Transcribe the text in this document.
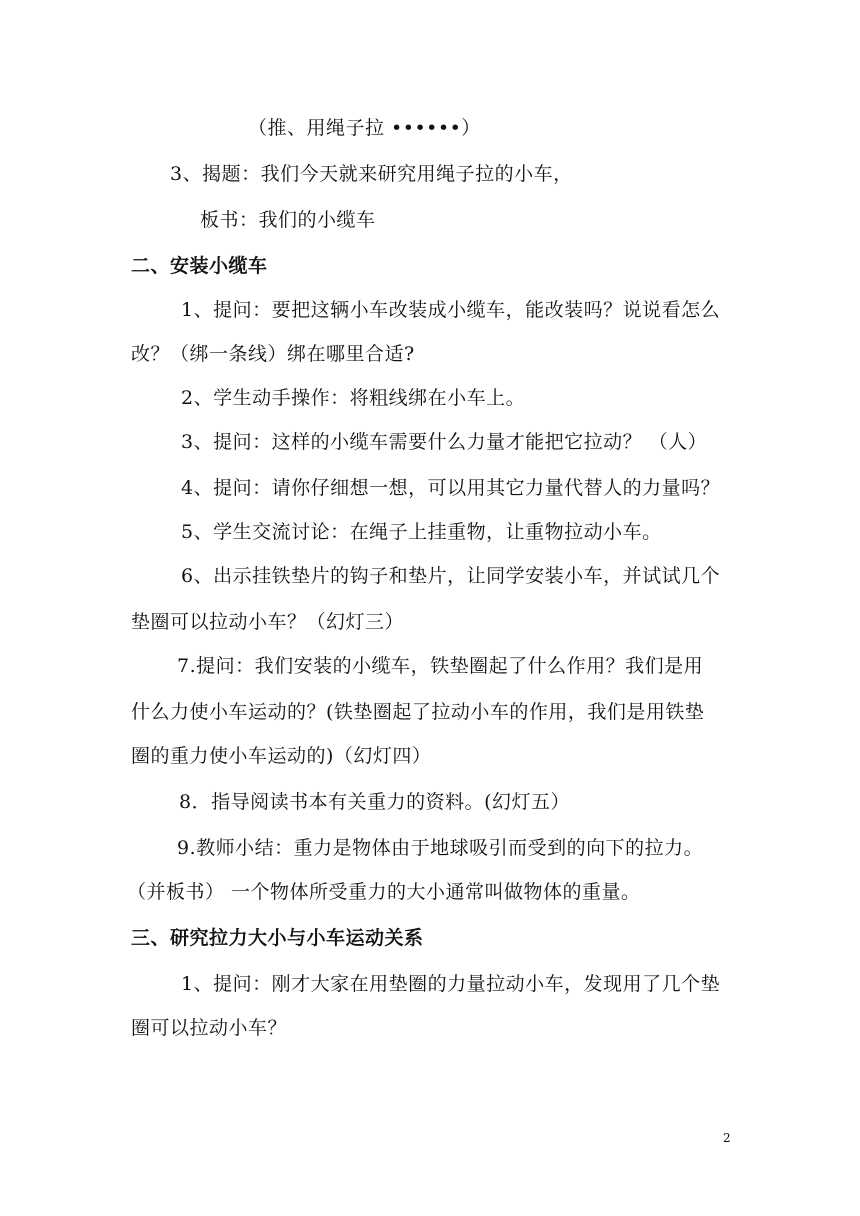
（推、用绳子拉 ••••••）
3、揭题：我们今天就来研究用绳子拉的小车，
板书：我们的小缆车
二、安装小缆车
1、提问：要把这辆小车改装成小缆车，能改装吗？说说看怎么
改？（绑一条线）绑在哪里合适?
2、学生动手操作：将粗线绑在小车上。
3、提问：这样的小缆车需要什么力量才能把它拉动？ （人）
4、提问：请你仔细想一想，可以用其它力量代替人的力量吗？
5、学生交流讨论：在绳子上挂重物，让重物拉动小车。
6、出示挂铁垫片的钩子和垫片，让同学安装小车，并试试几个
垫圈可以拉动小车？（幻灯三）
7.提问：我们安装的小缆车，铁垫圈起了什么作用？我们是用
什么力使小车运动的？(铁垫圈起了拉动小车的作用，我们是用铁垫
圈的重力使小车运动的)（幻灯四）
8．指导阅读书本有关重力的资料。(幻灯五）
9.教师小结：重力是物体由于地球吸引而受到的向下的拉力。
（并板书） 一个物体所受重力的大小通常叫做物体的重量。
三、研究拉力大小与小车运动关系
1、提问：刚才大家在用垫圈的力量拉动小车，发现用了几个垫
圈可以拉动小车？
2
